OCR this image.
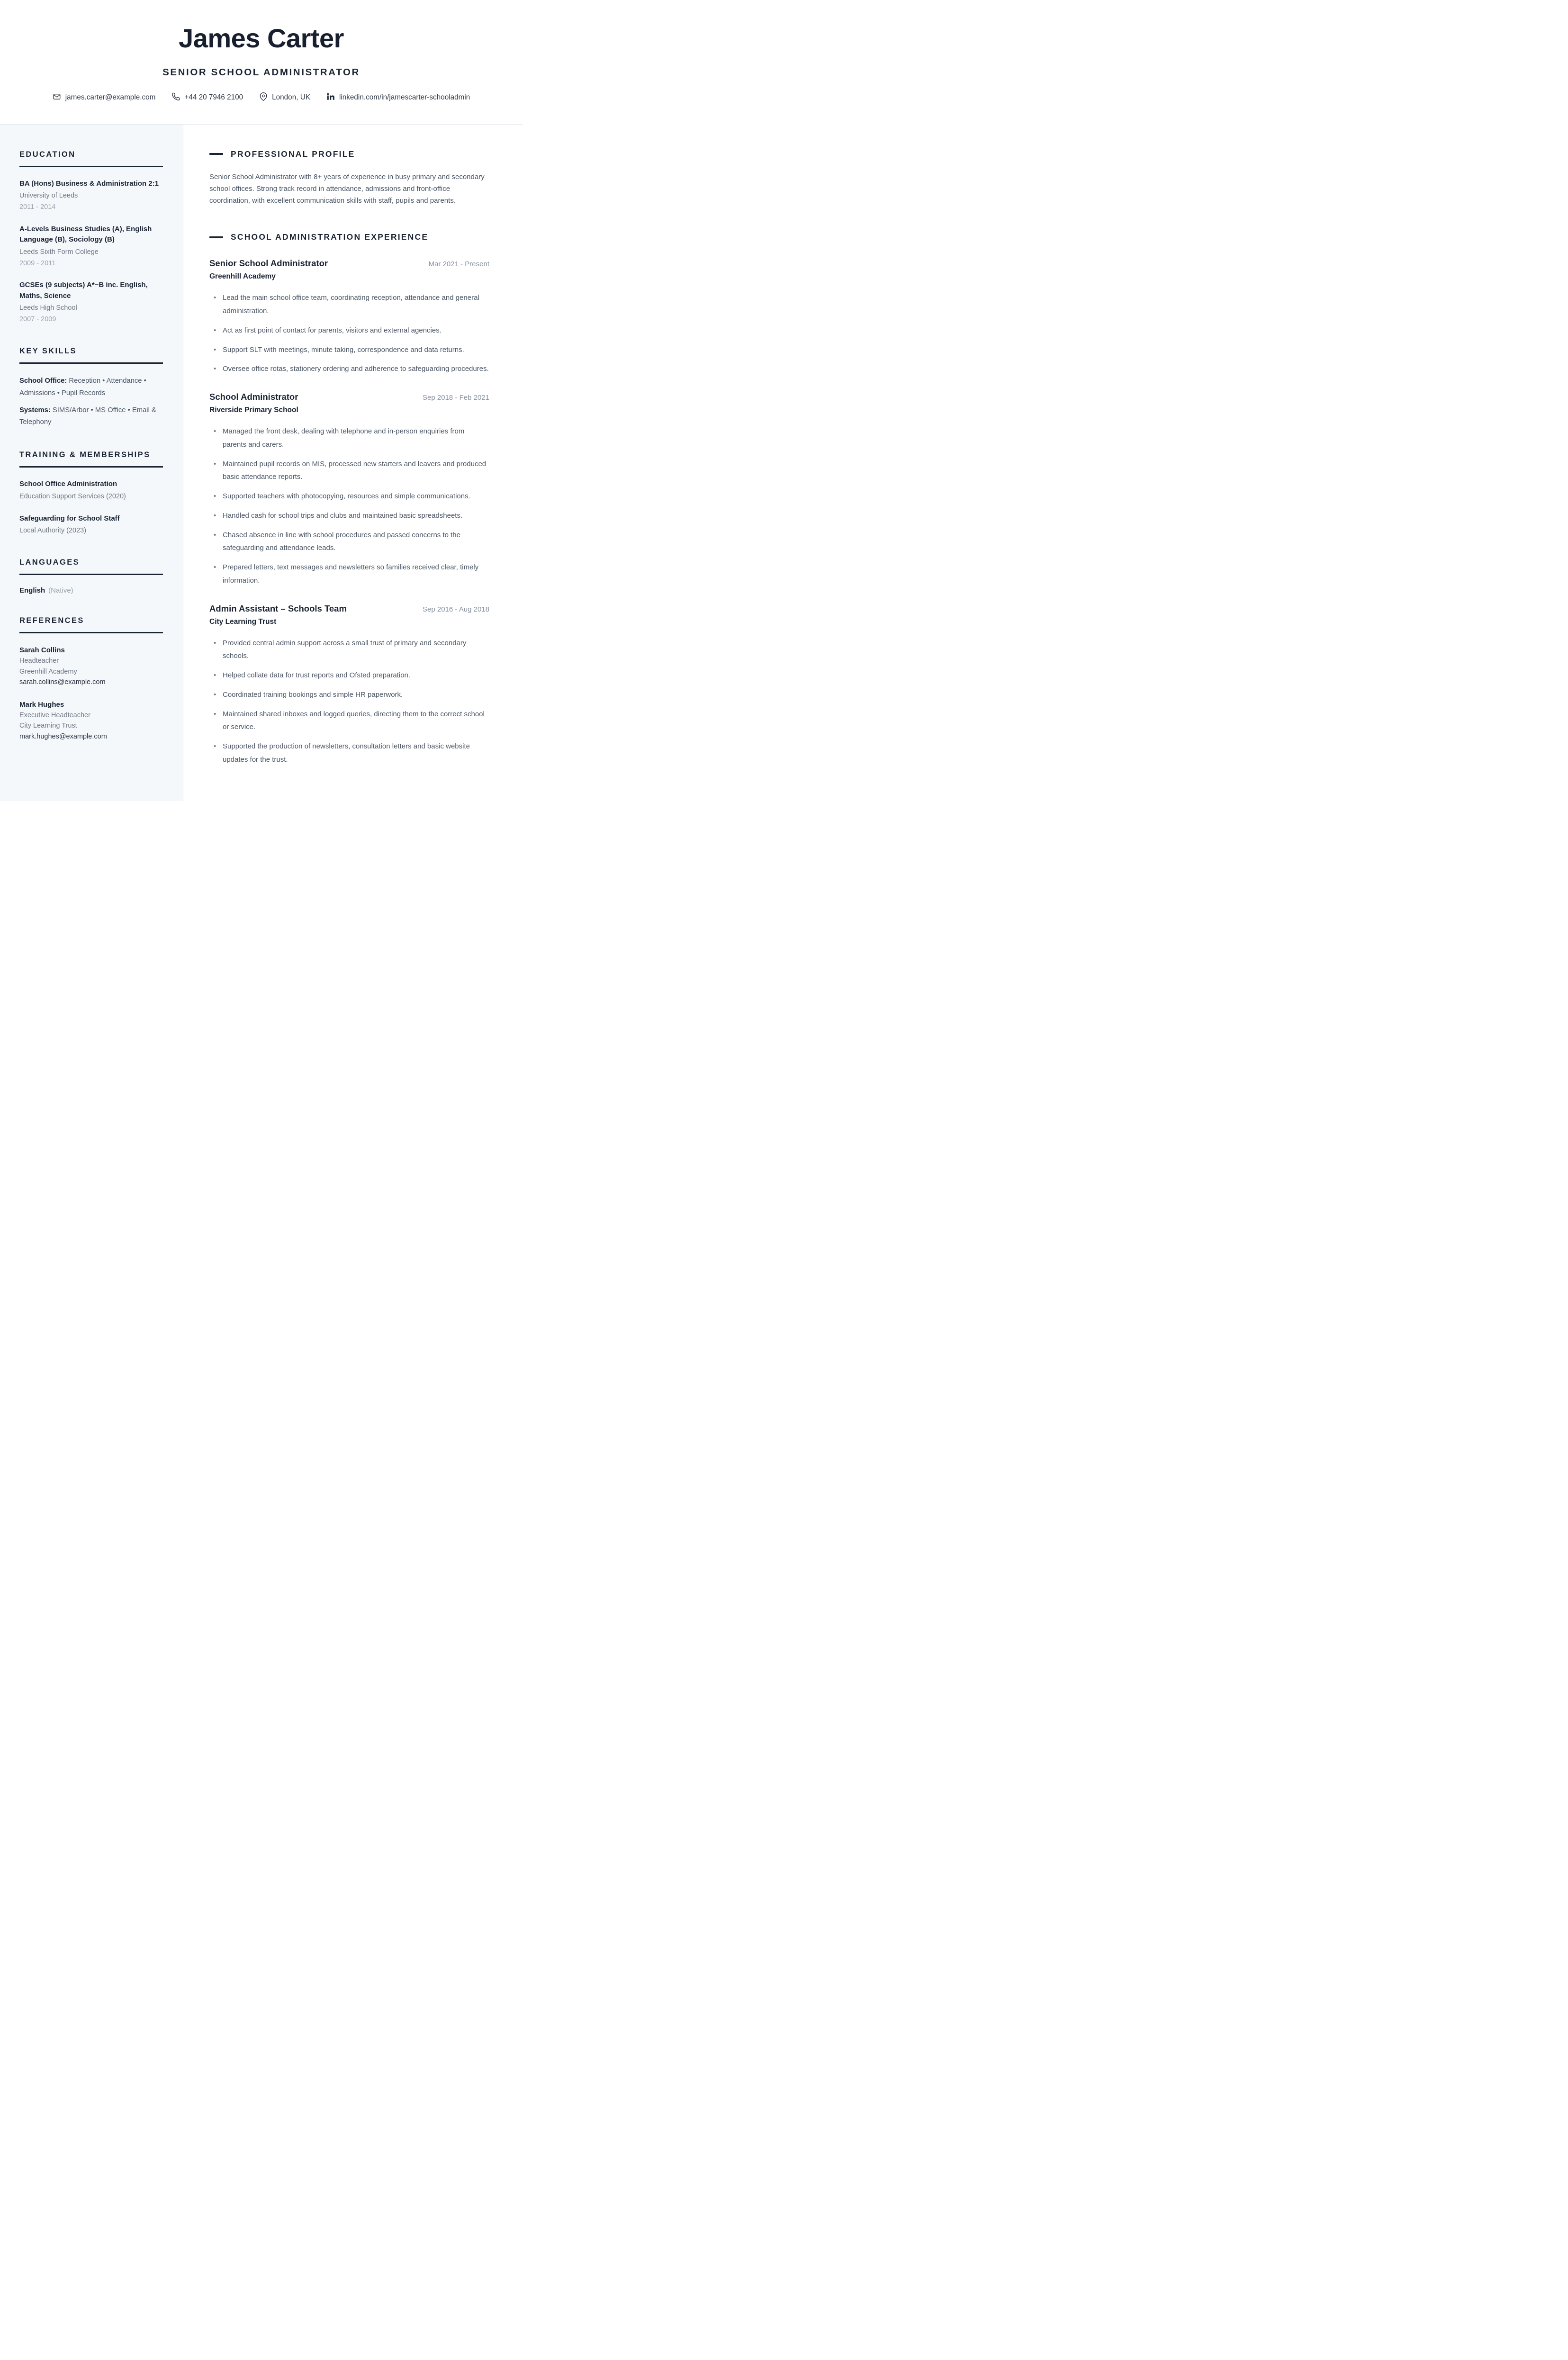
James Carter
SENIOR SCHOOL ADMINISTRATOR
james.carter@example.com	+44 20 7946 2100	London, UK	linkedin.com/in/jamescarter-schooladmin
EDUCATION
BA (Hons) Business & Administration 2:1
University of Leeds
2011 - 2014
A-Levels Business Studies (A), English Language (B), Sociology (B)
Leeds Sixth Form College
2009 - 2011
GCSEs (9 subjects) A*−B inc. English, Maths, Science
Leeds High School
2007 - 2009
KEY SKILLS

School Office: Reception • Attendance • Admissions • Pupil Records

Systems: SIMS/Arbor • MS Office • Email & Telephony

TRAINING & MEMBERSHIPS
School Office Administration
Education Support Services (2020)
Safeguarding for School Staff
Local Authority (2023)
LANGUAGES
English (Native)
REFERENCES
Sarah Collins
Headteacher
Greenhill Academy
sarah.collins@example.com
Mark Hughes
Executive Headteacher
City Learning Trust
mark.hughes@example.com
PROFESSIONAL PROFILE

Senior School Administrator with 8+ years of experience in busy primary and secondary school offices. Strong track record in attendance, admissions and front-office coordination, with excellent communication skills with staff, pupils and parents.

SCHOOL ADMINISTRATION EXPERIENCE
Senior School Administrator	Mar 2021 - Present
Greenhill Academy
• Lead the main school office team, coordinating reception, attendance and general administration.
• Act as first point of contact for parents, visitors and external agencies.
• Support SLT with meetings, minute taking, correspondence and data returns.
• Oversee office rotas, stationery ordering and adherence to safeguarding procedures.
School Administrator	Sep 2018 - Feb 2021
Riverside Primary School
• Managed the front desk, dealing with telephone and in-person enquiries from parents and carers.
• Maintained pupil records on MIS, processed new starters and leavers and produced basic attendance reports.
• Supported teachers with photocopying, resources and simple communications.
• Handled cash for school trips and clubs and maintained basic spreadsheets.
• Chased absence in line with school procedures and passed concerns to the safeguarding and attendance leads.
• Prepared letters, text messages and newsletters so families received clear, timely information.
Admin Assistant – Schools Team	Sep 2016 - Aug 2018
City Learning Trust
• Provided central admin support across a small trust of primary and secondary schools.
• Helped collate data for trust reports and Ofsted preparation.
• Coordinated training bookings and simple HR paperwork.
• Maintained shared inboxes and logged queries, directing them to the correct school or service.
• Supported the production of newsletters, consultation letters and basic website updates for the trust.
